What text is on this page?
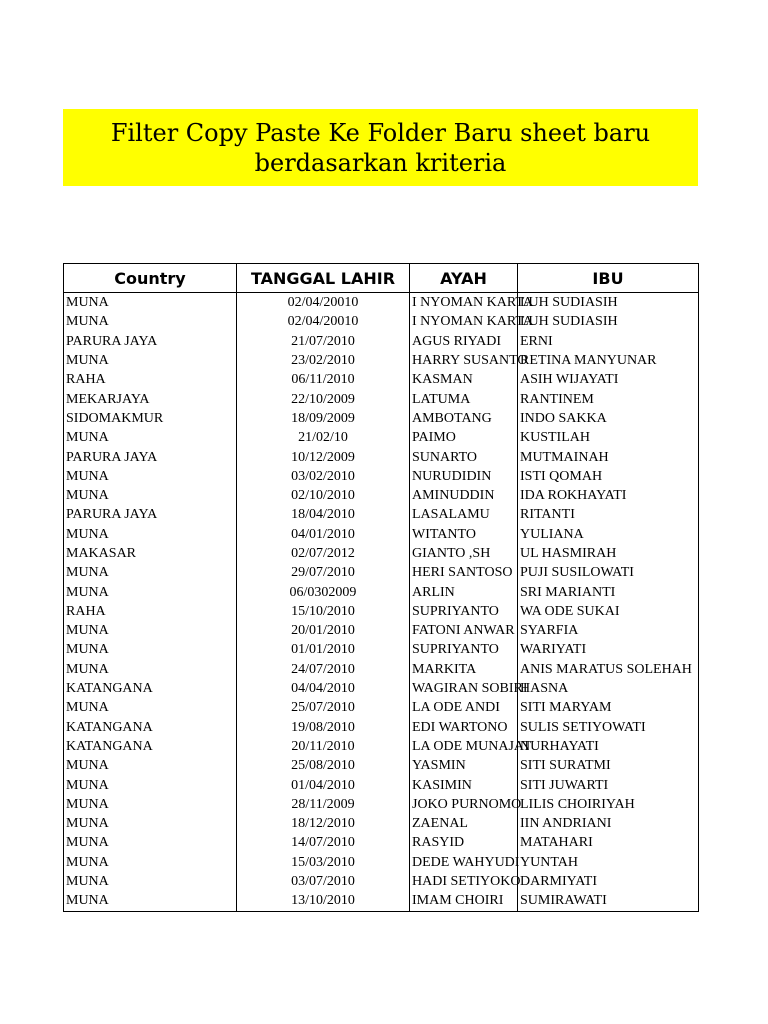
Filter Copy Paste Ke Folder Baru sheet baru
berdasarkan kriteria
Country	TANGGAL LAHIR	AYAH	IBU
MUNA	02/04/20010	I NYOMAN KARTA	LUH SUDIASIH
MUNA	02/04/20010	I NYOMAN KARTA	LUH SUDIASIH
PARURA JAYA	21/07/2010	AGUS RIYADI	ERNI
MUNA	23/02/2010	HARRY SUSANTO	RETINA MANYUNAR
RAHA	06/11/2010	KASMAN	ASIH WIJAYATI
MEKARJAYA	22/10/2009	LATUMA	RANTINEM
SIDOMAKMUR	18/09/2009	AMBOTANG	INDO SAKKA
MUNA	21/02/10	PAIMO	KUSTILAH
PARURA JAYA	10/12/2009	SUNARTO	MUTMAINAH
MUNA	03/02/2010	NURUDIDIN	ISTI QOMAH
MUNA	02/10/2010	AMINUDDIN	IDA ROKHAYATI
PARURA JAYA	18/04/2010	LASALAMU	RITANTI
MUNA	04/01/2010	WITANTO	YULIANA
MAKASAR	02/07/2012	GIANTO ,SH	UL HASMIRAH
MUNA	29/07/2010	HERI SANTOSO	PUJI SUSILOWATI
MUNA	06/0302009	ARLIN	SRI MARIANTI
RAHA	15/10/2010	SUPRIYANTO	WA ODE SUKAI
MUNA	20/01/2010	FATONI ANWAR	SYARFIA
MUNA	01/01/2010	SUPRIYANTO	WARIYATI
MUNA	24/07/2010	MARKITA	ANIS MARATUS SOLEHAH
KATANGANA	04/04/2010	WAGIRAN SOBIRI	HASNA
MUNA	25/07/2010	LA ODE ANDI	SITI MARYAM
KATANGANA	19/08/2010	EDI WARTONO	SULIS SETIYOWATI
KATANGANA	20/11/2010	LA ODE MUNAJAT	NURHAYATI
MUNA	25/08/2010	YASMIN	SITI SURATMI
MUNA	01/04/2010	KASIMIN	SITI JUWARTI
MUNA	28/11/2009	JOKO PURNOMO	LILIS CHOIRIYAH
MUNA	18/12/2010	ZAENAL	IIN ANDRIANI
MUNA	14/07/2010	RASYID	MATAHARI
MUNA	15/03/2010	DEDE WAHYUDI	YUNTAH
MUNA	03/07/2010	HADI SETIYOKO	DARMIYATI
MUNA	13/10/2010	IMAM CHOIRI	SUMIRAWATI
